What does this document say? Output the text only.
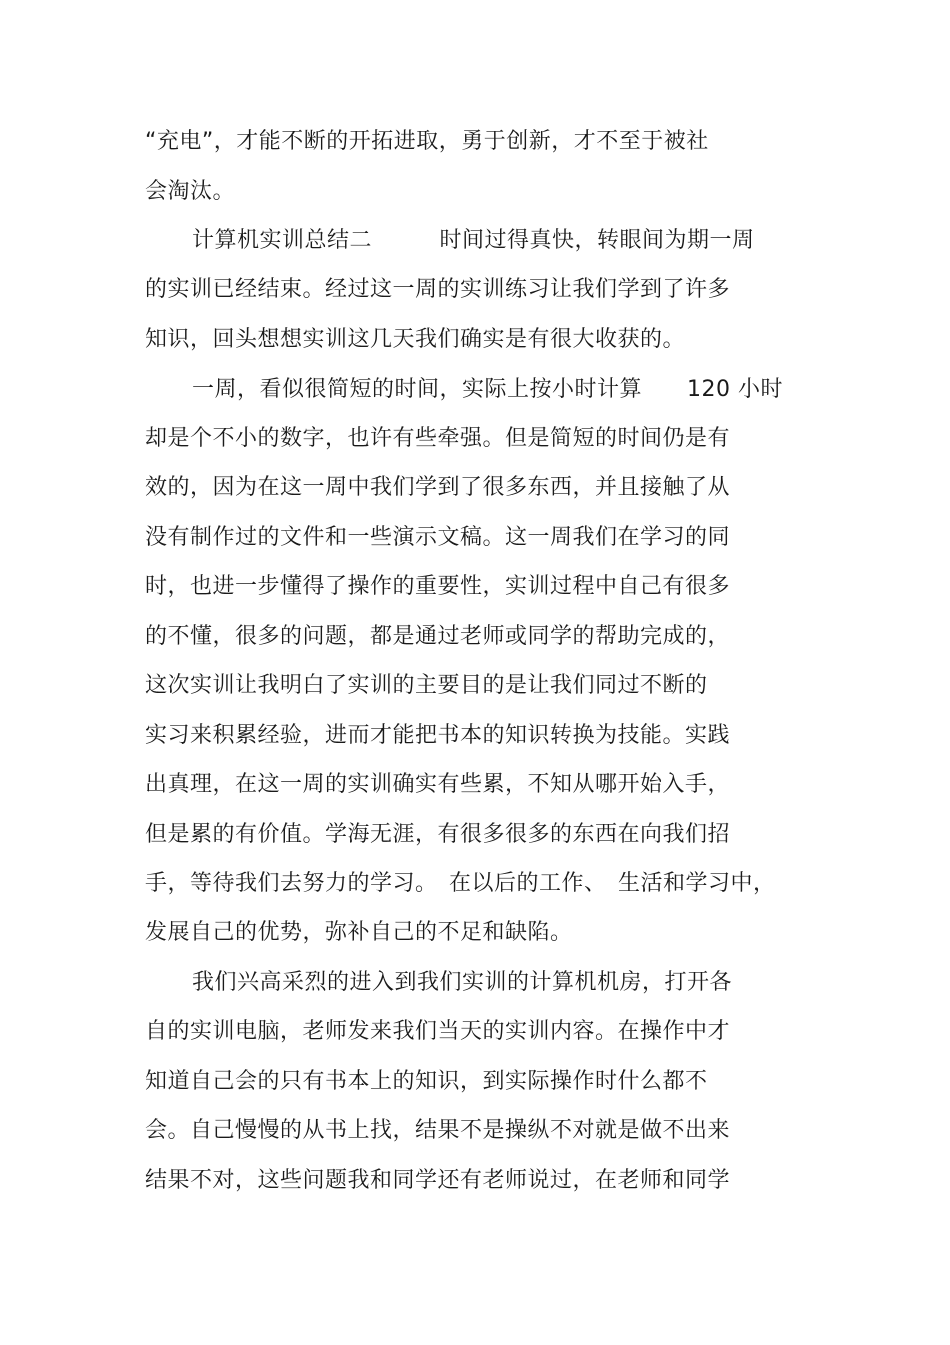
“充电”，才能不断的开拓进取，勇于创新，才不至于被社
会淘汰。
计算机实训总结二　　　时间过得真快，转眼间为期一周
的实训已经结束。经过这一周的实训练习让我们学到了许多
知识，回头想想实训这几天我们确实是有很大收获的。
一周，看似很简短的时间，实际上按小时计算　　120 小时
却是个不小的数字，也许有些牵强。但是简短的时间仍是有
效的，因为在这一周中我们学到了很多东西，并且接触了从
没有制作过的文件和一些演示文稿。这一周我们在学习的同
时，也进一步懂得了操作的重要性，实训过程中自己有很多
的不懂，很多的问题，都是通过老师或同学的帮助完成的，
这次实训让我明白了实训的主要目的是让我们同过不断的
实习来积累经验，进而才能把书本的知识转换为技能。实践
出真理，在这一周的实训确实有些累，不知从哪开始入手，
但是累的有价值。学海无涯，有很多很多的东西在向我们招
手，等待我们去努力的学习。　在以后的工作、　生活和学习中，
发展自己的优势，弥补自己的不足和缺陷。
我们兴高采烈的进入到我们实训的计算机机房，打开各
自的实训电脑，老师发来我们当天的实训内容。在操作中才
知道自己会的只有书本上的知识，到实际操作时什么都不
会。自己慢慢的从书上找，结果不是操纵不对就是做不出来
结果不对，这些问题我和同学还有老师说过，在老师和同学
